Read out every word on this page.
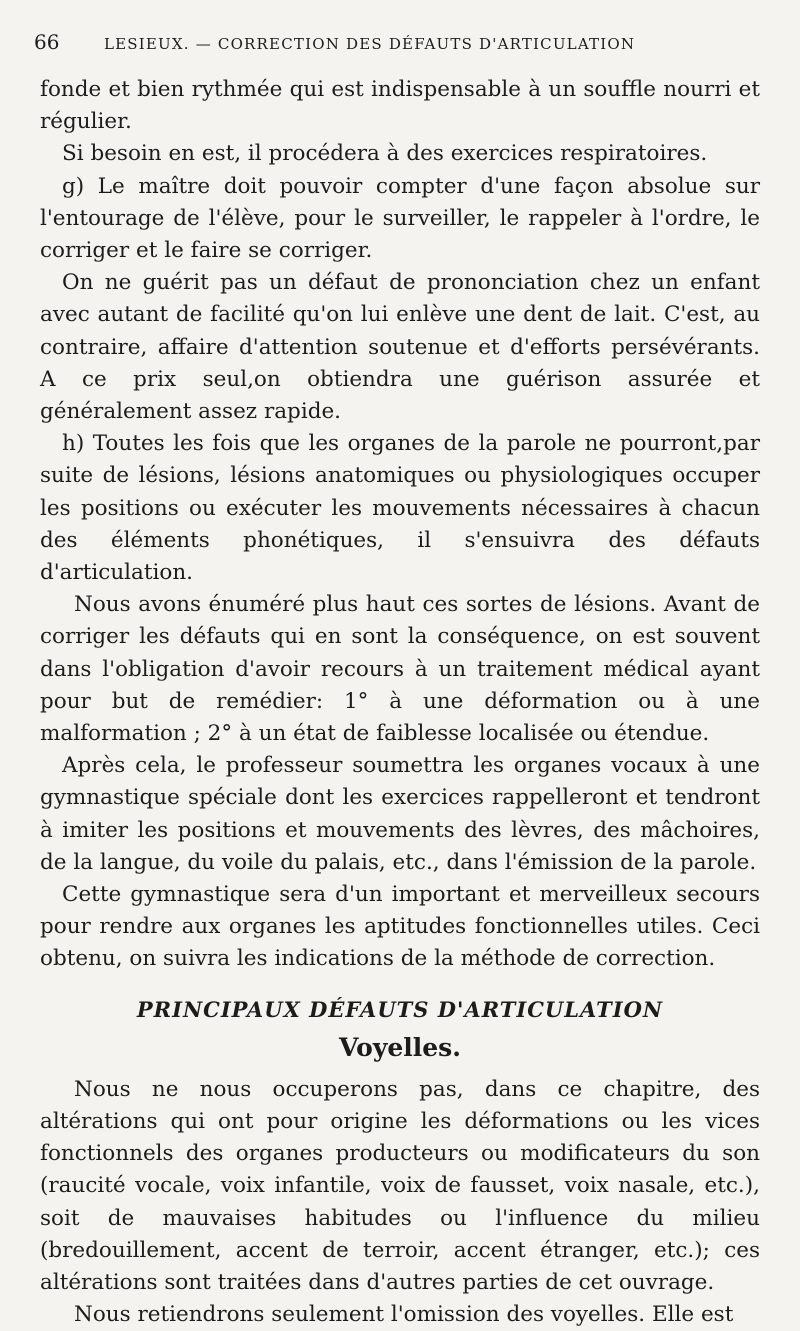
66	LESIEUX. — CORRECTION DES DÉFAUTS D'ARTICULATION

fonde et bien rythmée qui est indispensable à un souffle nourri et régulier.

Si besoin en est, il procédera à des exercices respiratoires.

g) Le maître doit pouvoir compter d'une façon absolue sur l'entourage de l'élève, pour le surveiller, le rappeler à l'ordre, le corriger et le faire se corriger.

On ne guérit pas un défaut de prononciation chez un enfant avec autant de facilité qu'on lui enlève une dent de lait. C'est, au contraire, affaire d'attention soutenue et d'efforts persévérants. A ce prix seul,on obtiendra une guérison assurée et généralement assez rapide.

h) Toutes les fois que les organes de la parole ne pourront,par suite de lésions, lésions anatomiques ou physiologiques occuper les positions ou exécuter les mouvements nécessaires à chacun des éléments phonétiques, il s'ensuivra des défauts d'articulation.

Nous avons énuméré plus haut ces sortes de lésions. Avant de corriger les défauts qui en sont la conséquence, on est souvent dans l'obligation d'avoir recours à un traitement médical ayant pour but de remédier: 1° à une déformation ou à une malformation ; 2° à un état de faiblesse localisée ou étendue.

Après cela, le professeur soumettra les organes vocaux à une gymnastique spéciale dont les exercices rappelleront et tendront à imiter les positions et mouvements des lèvres, des mâchoires, de la langue, du voile du palais, etc., dans l'émission de la parole.

Cette gymnastique sera d'un important et merveilleux secours pour rendre aux organes les aptitudes fonctionnelles utiles. Ceci obtenu, on suivra les indications de la méthode de correction.

PRINCIPAUX DÉFAUTS D'ARTICULATION
Voyelles.

Nous ne nous occuperons pas, dans ce chapitre, des altérations qui ont pour origine les déformations ou les vices fonctionnels des organes producteurs ou modificateurs du son (raucité vocale, voix infantile, voix de fausset, voix nasale, etc.), soit de mauvaises habitudes ou l'influence du milieu (bredouillement, accent de terroir, accent étranger, etc.); ces altérations sont traitées dans d'autres parties de cet ouvrage.

Nous retiendrons seulement l'omission des voyelles. Elle est
